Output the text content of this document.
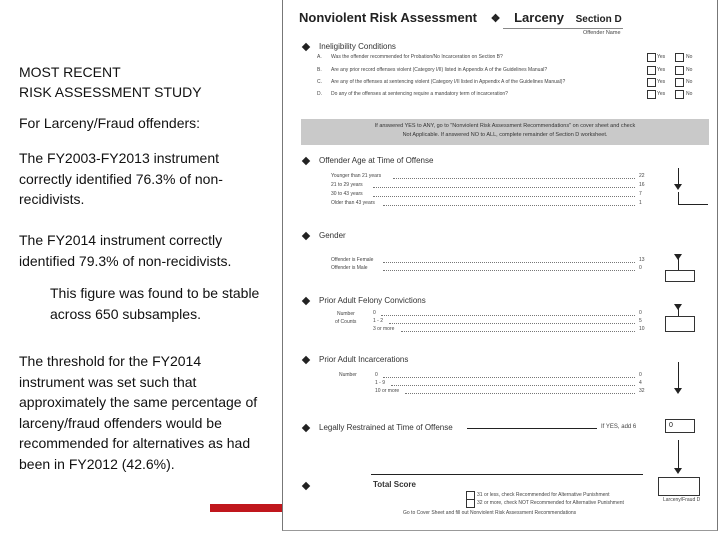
MOST RECENT
RISK ASSESSMENT STUDY
For Larceny/Fraud offenders:
The FY2003-FY2013 instrument correctly identified 76.3% of non-recidivists.
The FY2014 instrument correctly identified 79.3% of non-recidivists.
This figure was found to be stable across 650 subsamples.
The threshold for the FY2014 instrument was set such that approximately the same percentage of larceny/fraud offenders would be recommended for alternatives as had been in FY2012 (42.6%).
Nonviolent Risk Assessment ❖ Larceny Section D
Offender Name
Ineligibility Conditions
A. Was the offender recommended for Probation/No Incarceration on Section B?	Yes	No
B. Are any prior record offenses violent (Category I/II) listed in Appendix A of the Guidelines Manual?	Yes	No
C. Are any of the offenses at sentencing violent (Category I/II listed in Appendix A of the Guidelines Manual)?	Yes	No
D. Do any of the offenses at sentencing require a mandatory term of incarceration?	Yes	No
If answered YES to ANY, go to "Nonviolent Risk Assessment Recommendations" on cover sheet and check
Not Applicable. If answered NO to ALL, complete remainder of Section D worksheet.
Offender Age at Time of Offense
Younger than 21 years	22
21 to 29 years	16
30 to 43 years	7
Older than 43 years	1
Gender
Offender is Female	13
Offender is Male	0
Prior Adult Felony Convictions
Number
of Counts
0	0
1 - 2	5
3 or more	10
Prior Adult Incarcerations
Number	0	0
1 - 9	4
10 or more	32
Legally Restrained at Time of Offense	If YES, add 6	0
Total Score
Larceny/Fraud D
31 or less, check Recommended for Alternative Punishment
32 or more, check NOT Recommended for Alternative Punishment
Go to Cover Sheet and fill out Nonviolent Risk Assessment Recommendations
